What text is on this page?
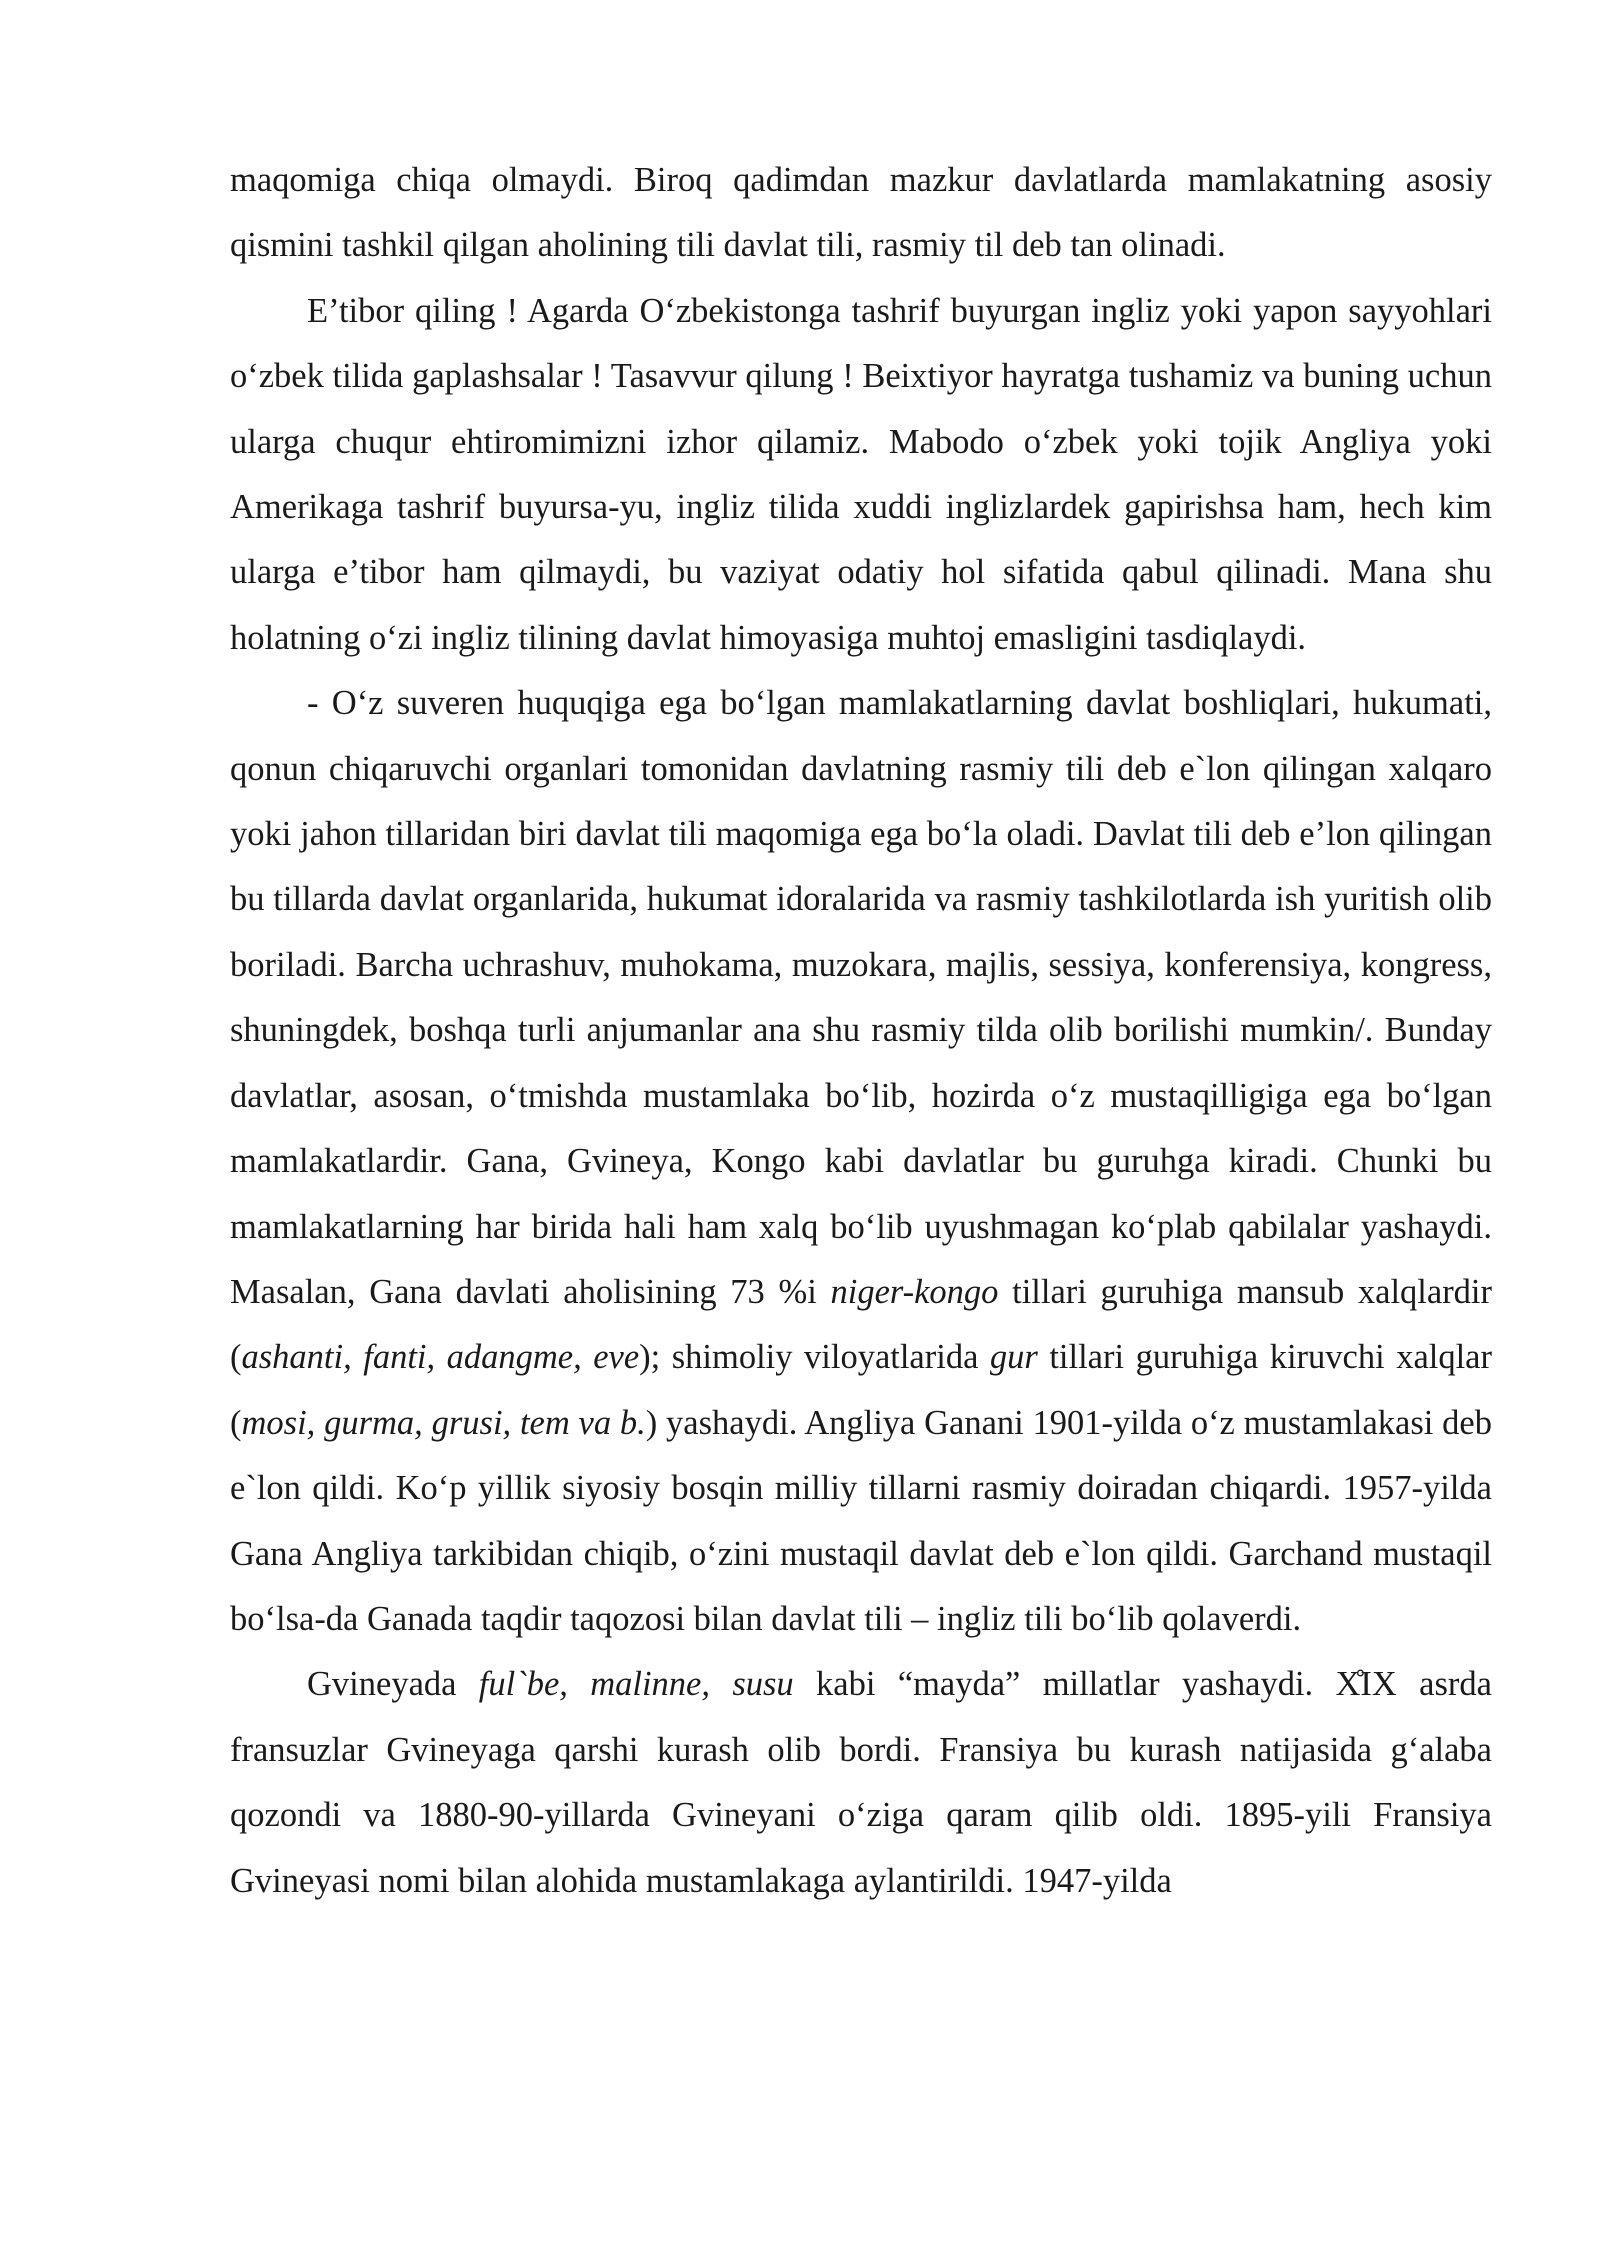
maqomiga chiqa olmaydi. Biroq qadimdan mazkur davlatlarda mamlakatning asosiy qismini tashkil qilgan aholining tili davlat tili, rasmiy til deb tan olinadi.

E’tibor qiling ! Agarda O‘zbekistonga tashrif buyurgan ingliz yoki yapon sayyohlari o‘zbek tilida gaplashsalar ! Tasavvur qilung ! Beixtiyor hayratga tushamiz va buning uchun ularga chuqur ehtiromimizni izhor qilamiz. Mabodo o‘zbek yoki tojik Angliya yoki Amerikaga tashrif buyursa-yu, ingliz tilida xuddi inglizlardek gapirishsa ham, hech kim ularga e’tibor ham qilmaydi, bu vaziyat odatiy hol sifatida qabul qilinadi. Mana shu holatning o‘zi ingliz tilining davlat himoyasiga muhtoj emasligini tasdiqlaydi.

- O‘z suveren huquqiga ega bo‘lgan mamlakatlarning davlat boshliqlari, hukumati, qonun chiqaruvchi organlari tomonidan davlatning rasmiy tili deb e`lon qilingan xalqaro yoki jahon tillaridan biri davlat tili maqomiga ega bo‘la oladi. Davlat tili deb e’lon qilingan bu tillarda davlat organlarida, hukumat idoralarida va rasmiy tashkilotlarda ish yuritish olib boriladi. Barcha uchrashuv, muhokama, muzokara, majlis, sessiya, konferensiya, kongress, shuningdek, boshqa turli anjumanlar ana shu rasmiy tilda olib borilishi mumkin/. Bunday davlatlar, asosan, o‘tmishda mustamlaka bo‘lib, hozirda o‘z mustaqilligiga ega bo‘lgan mamlakatlardir. Gana, Gvineya, Kongo kabi davlatlar bu guruhga kiradi. Chunki bu mamlakatlarning har birida hali ham xalq bo‘lib uyushmagan ko‘plab qabilalar yashaydi. Masalan, Gana davlati aholisining 73 %i niger-kongo tillari guruhiga mansub xalqlardir (ashanti, fanti, adangme, eve); shimoliy viloyatlarida gur tillari guruhiga kiruvchi xalqlar (mosi, gurma, grusi, tem va b.) yashaydi. Angliya Ganani 1901-yilda o‘z mustamlakasi deb e`lon qildi. Ko‘p yillik siyosiy bosqin milliy tillarni rasmiy doiradan chiqardi. 1957-yilda Gana Angliya tarkibidan chiqib, o‘zini mustaqil davlat deb e`lon qildi. Garchand mustaqil bo‘lsa-da Ganada taqdir taqozosi bilan davlat tili – ingliz tili bo‘lib qolaverdi.

Gvineyada ful`be, malinne, susu kabi “mayda” millatlar yashaydi. X̊IX asrda fransuzlar Gvineyaga qarshi kurash olib bordi. Fransiya bu kurash natijasida g‘alaba qozondi va 1880-90-yillarda Gvineyani o‘ziga qaram qilib oldi. 1895-yili Fransiya Gvineyasi nomi bilan alohida mustamlakaga aylantirildi. 1947-yilda
